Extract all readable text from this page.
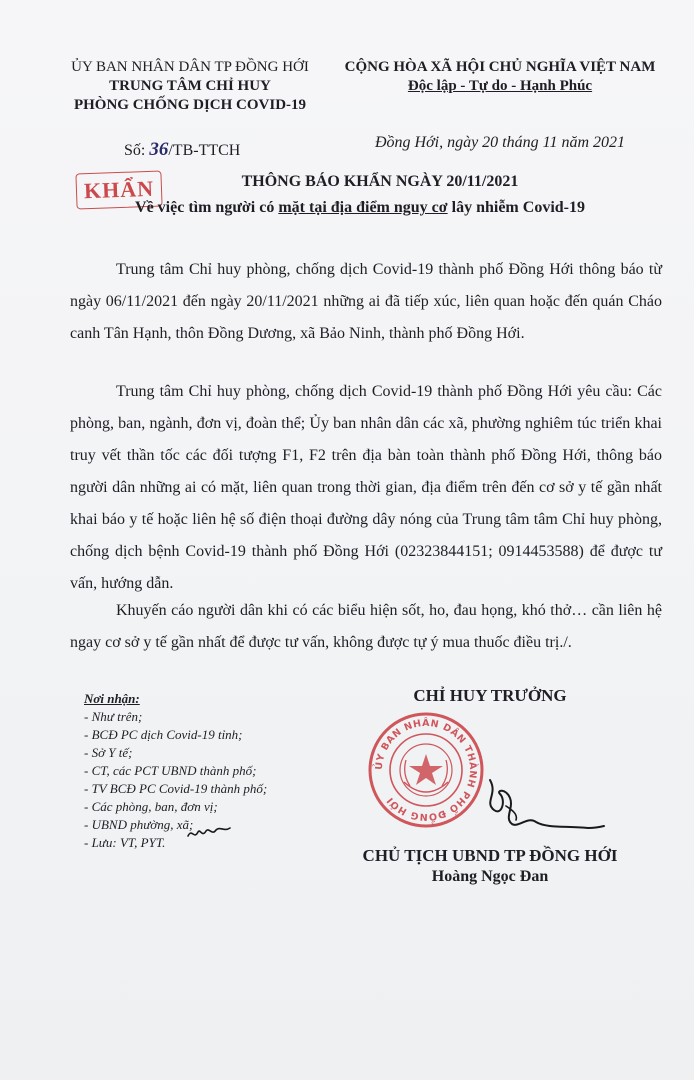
ỦY BAN NHÂN DÂN TP ĐỒNG HỚI
TRUNG TÂM CHỈ HUY
PHÒNG CHỐNG DỊCH COVID-19
CỘNG HÒA XÃ HỘI CHỦ NGHĨA VIỆT NAM
Độc lập - Tự do - Hạnh Phúc
Số: 36/TB-TTCH	Đồng Hới, ngày 20 tháng 11 năm 2021
KHẨN	THÔNG BÁO KHẨN NGÀY 20/11/2021
Về việc tìm người có mặt tại địa điểm nguy cơ lây nhiễm Covid-19
Trung tâm Chỉ huy phòng, chống dịch Covid-19 thành phố Đồng Hới thông báo từ ngày 06/11/2021 đến ngày 20/11/2021 những ai đã tiếp xúc, liên quan hoặc đến quán Cháo canh Tân Hạnh, thôn Đồng Dương, xã Bảo Ninh, thành phố Đồng Hới.
Trung tâm Chỉ huy phòng, chống dịch Covid-19 thành phố Đồng Hới yêu cầu: Các phòng, ban, ngành, đơn vị, đoàn thể; Ủy ban nhân dân các xã, phường nghiêm túc triển khai truy vết thần tốc các đối tượng F1, F2 trên địa bàn toàn thành phố Đồng Hới, thông báo người dân những ai có mặt, liên quan trong thời gian, địa điểm trên đến cơ sở y tế gần nhất khai báo y tế hoặc liên hệ số điện thoại đường dây nóng của Trung tâm tâm Chỉ huy phòng, chống dịch bệnh Covid-19 thành phố Đồng Hới (02323844151; 0914453588) để được tư vấn, hướng dẫn.
Khuyến cáo người dân khi có các biểu hiện sốt, ho, đau họng, khó thở… cần liên hệ ngay cơ sở y tế gần nhất để được tư vấn, không được tự ý mua thuốc điều trị./.
Nơi nhận:
- Như trên;
- BCĐ PC dịch Covid-19 tỉnh;
- Sở Y tế;
- CT, các PCT UBND thành phố;
- TV BCĐ PC Covid-19 thành phố;
- Các phòng, ban, đơn vị;
- UBND phường, xã;
- Lưu: VT, PYT.
CHỈ HUY TRƯỞNG
ỦY BAN NHÂN DÂN THÀNH PHỐ ĐỒNG HỚI
CHỦ TỊCH UBND TP ĐỒNG HỚI
Hoàng Ngọc Đan
